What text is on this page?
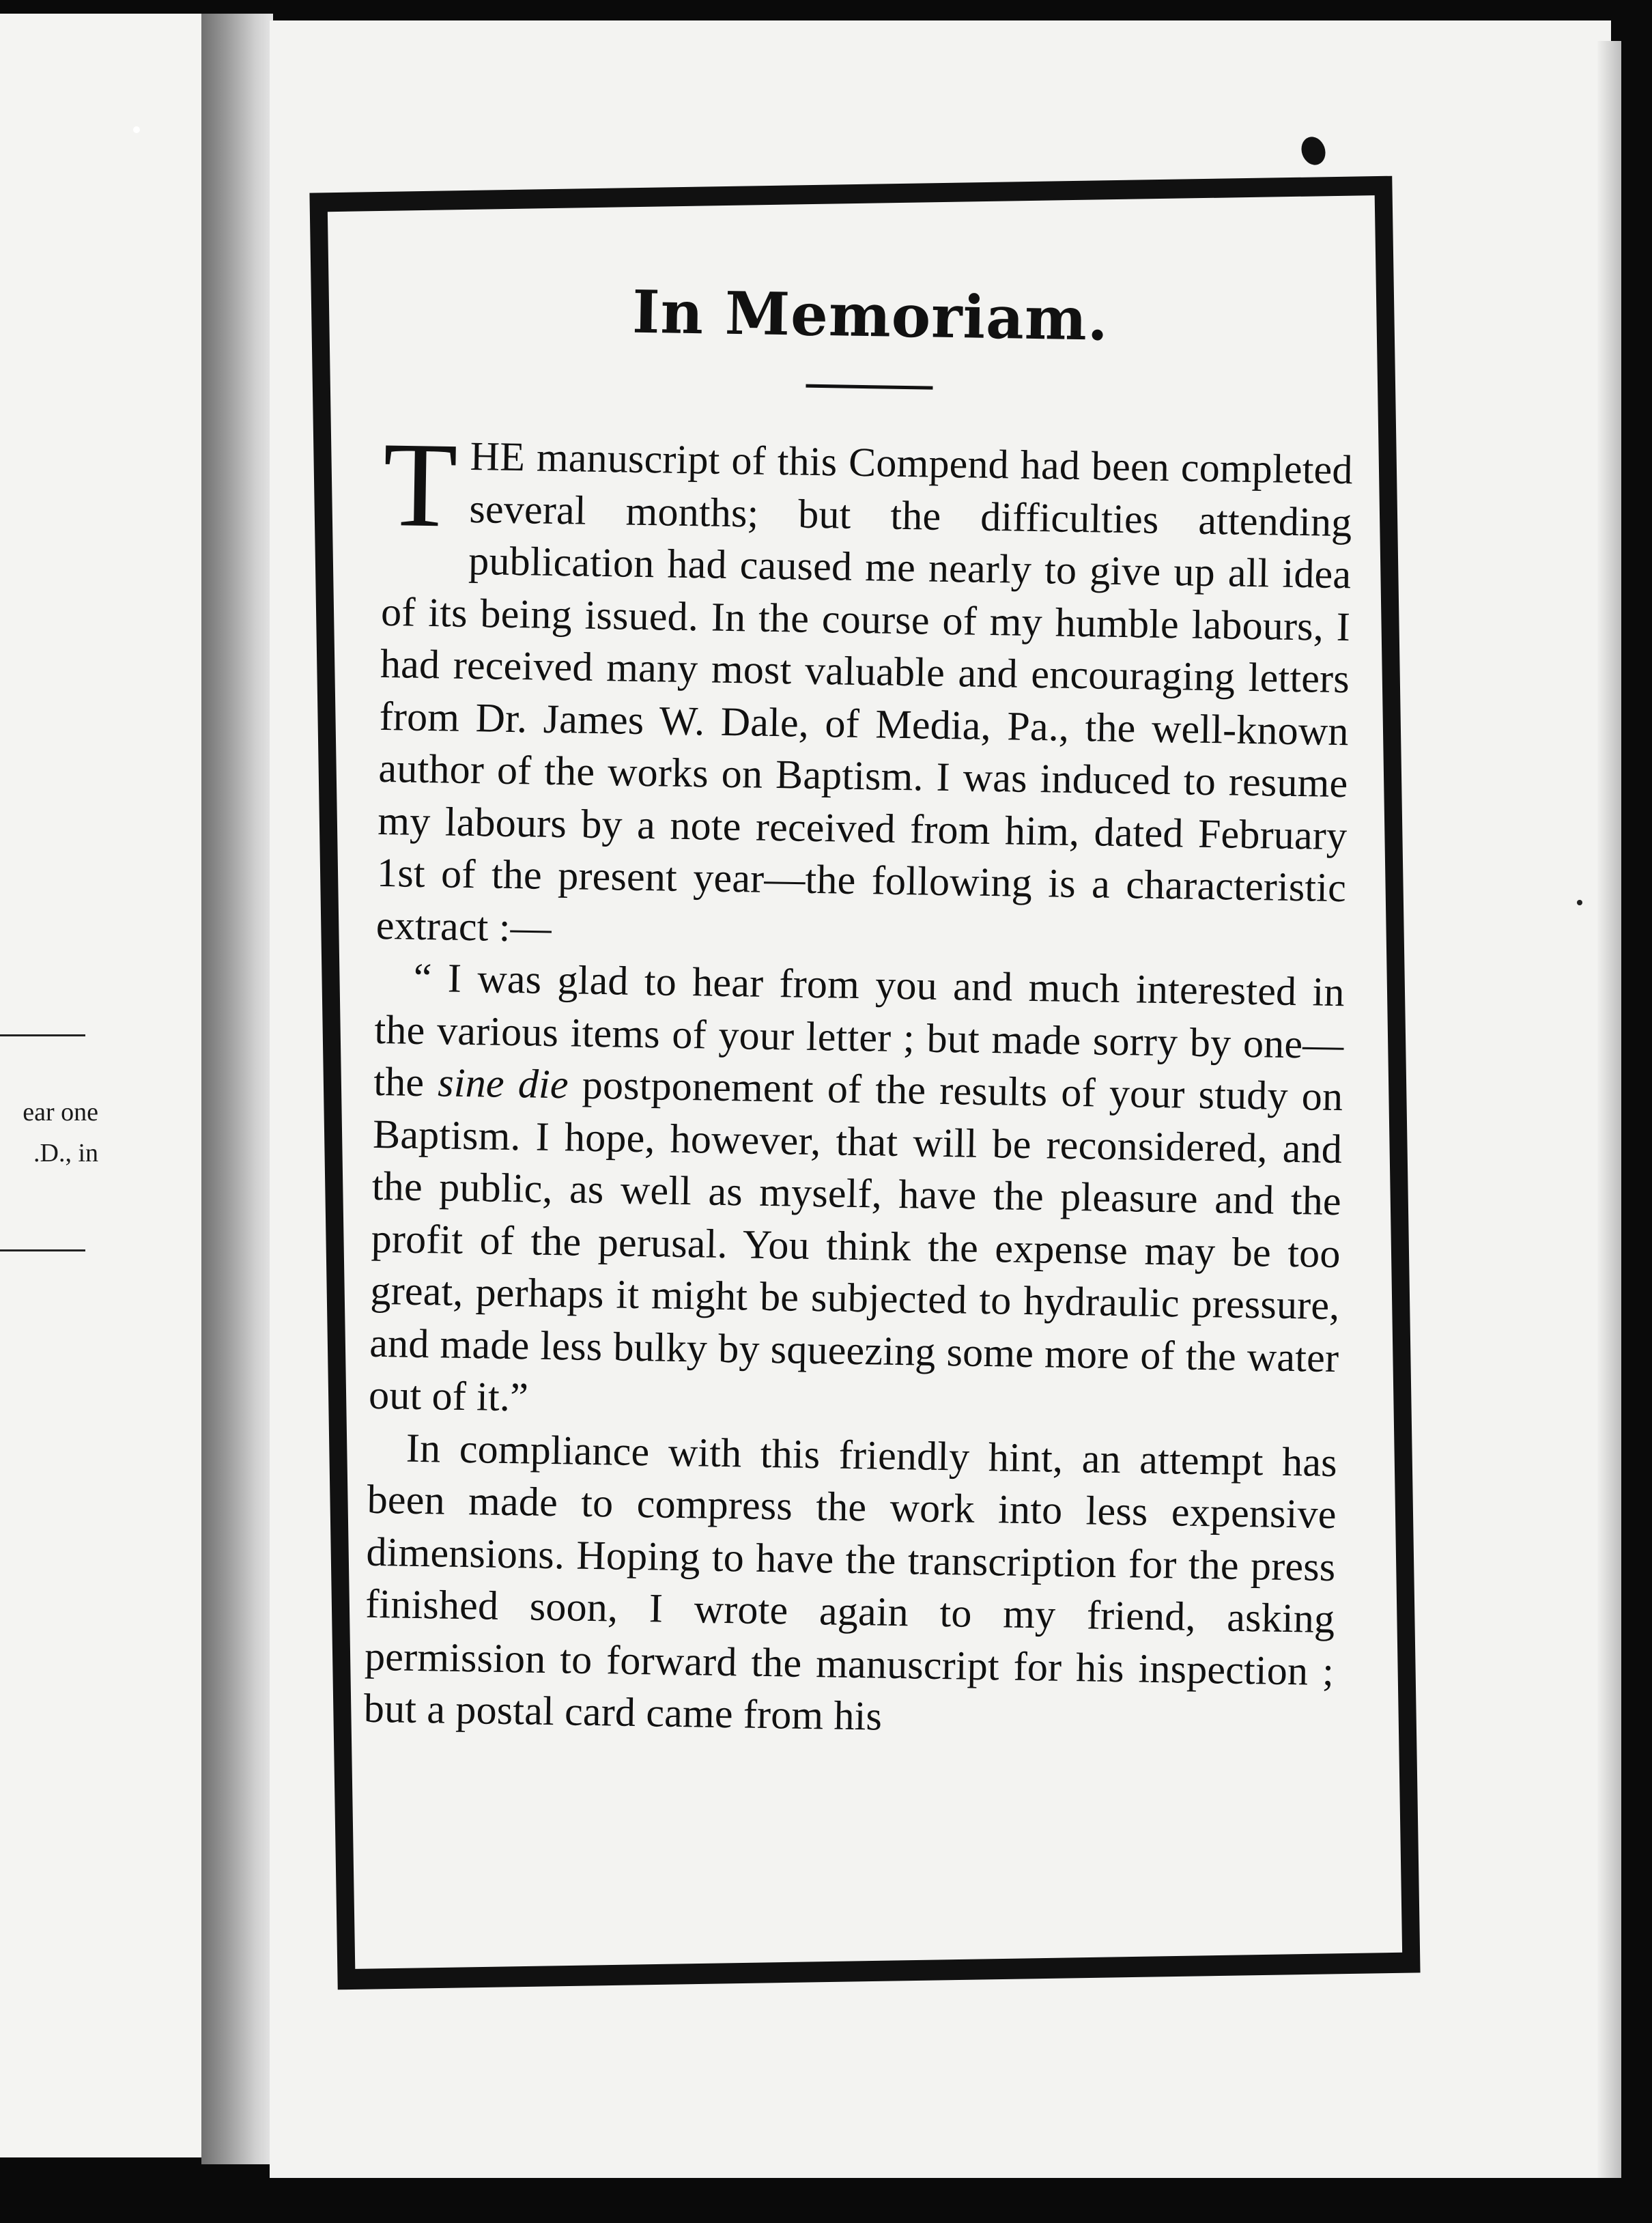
ear one
.D., in
In Memoriam.

THE manuscript of this Compend had been completed several months; but the difficulties attending publication had caused me nearly to give up all idea of its being issued. In the course of my humble labours, I had received many most valuable and encouraging letters from Dr. James W. Dale, of Media, Pa., the well-known author of the works on Baptism. I was induced to resume my labours by a note received from him, dated February 1st of the present year—the following is a characteristic extract :—

“ I was glad to hear from you and much interested in the various items of your letter ; but made sorry by one—the sine die postponement of the results of your study on Baptism. I hope, however, that will be reconsidered, and the public, as well as myself, have the pleasure and the profit of the perusal. You think the expense may be too great, perhaps it might be subjected to hydraulic pressure, and made less bulky by squeezing some more of the water out of it.”

In compliance with this friendly hint, an attempt has been made to compress the work into less expensive dimensions. Hoping to have the transcription for the press finished soon, I wrote again to my friend, asking permission to forward the manuscript for his inspection ; but a postal card came from his
